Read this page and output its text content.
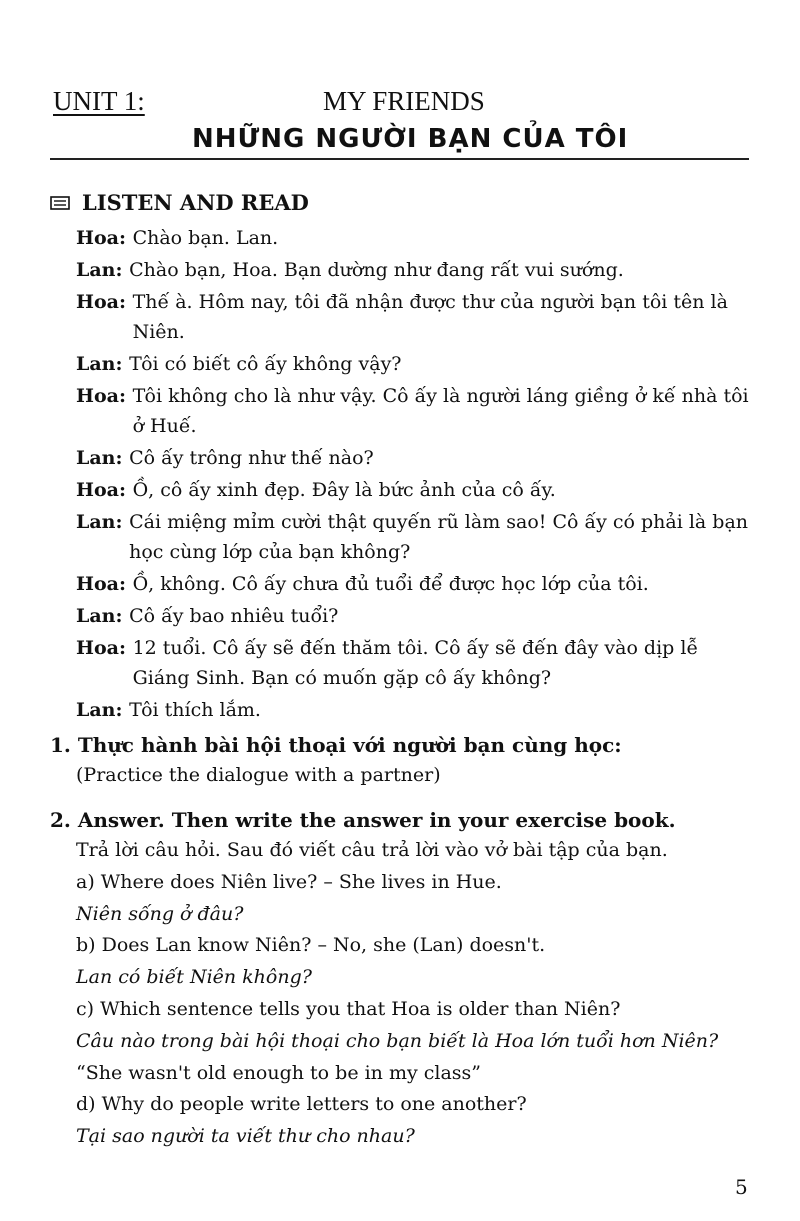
UNIT 1:	MY FRIENDS
NHỮNG NGƯỜI BẠN CỦA TÔI
LISTEN AND READ
Hoa : Chào bạn. Lan.
Lan : Chào bạn, Hoa. Bạn dường như đang rất vui sướng.
Hoa : Thế à. Hôm nay, tôi đã nhận được thư của người bạn tôi tên là Niên.
Lan : Tôi có biết cô ấy không vậy?
Hoa : Tôi không cho là như vậy. Cô ấy là người láng giềng ở kế nhà tôi ở Huế.
Lan : Cô ấy trông như thế nào?
Hoa : Ồ, cô ấy xinh đẹp. Đây là bức ảnh của cô ấy.
Lan : Cái miệng mỉm cười thật quyến rũ làm sao! Cô ấy có phải là bạn học cùng lớp của bạn không?
Hoa : Ồ, không. Cô ấy chưa đủ tuổi để được học lớp của tôi.
Lan : Cô ấy bao nhiêu tuổi?
Hoa : 12 tuổi. Cô ấy sẽ đến thăm tôi. Cô ấy sẽ đến đây vào dịp lễ Giáng Sinh. Bạn có muốn gặp cô ấy không?
Lan : Tôi thích lắm.
1. Thực hành bài hội thoại với người bạn cùng học:
(Practice the dialogue with a partner)
2. Answer. Then write the answer in your exercise book.
Trả lời câu hỏi. Sau đó viết câu trả lời vào vở bài tập của bạn.
a) Where does Niên live? – She lives in Hue.
Niên sống ở đâu?
b) Does Lan know Niên? – No, she (Lan) doesn't.
Lan có biết Niên không?
c) Which sentence tells you that Hoa is older than Niên?
Câu nào trong bài hội thoại cho bạn biết là Hoa lớn tuổi hơn Niên?
“She wasn't old enough to be in my class”
d) Why do people write letters to one another?
Tại sao người ta viết thư cho nhau?
5
